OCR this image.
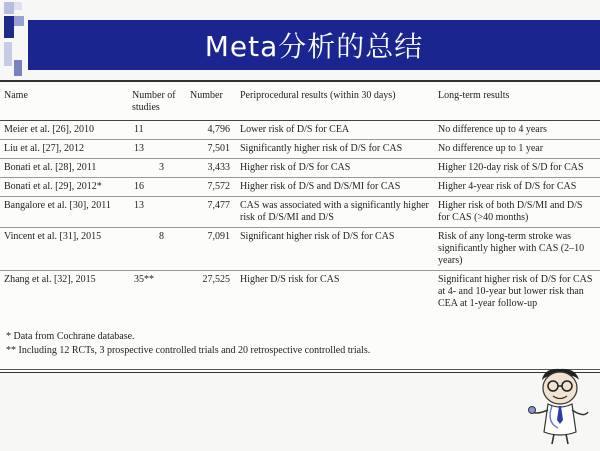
Meta分析的总结
Name	Number of studies	Number	Periprocedural results (within 30 days)	Long-term results
Meier et al. [26], 2010	11	4,796	Lower risk of D/S for CEA	No difference up to 4 years
Liu et al. [27], 2012	13	7,501	Significantly higher risk of D/S for CAS	No difference up to 1 year
Bonati et al. [28], 2011	3	3,433	Higher risk of D/S for CAS	Higher 120-day risk of S/D for CAS
Bonati et al. [29], 2012*	16	7,572	Higher risk of D/S and D/S/MI for CAS	Higher 4-year risk of D/S for CAS
Bangalore et al. [30], 2011	13	7,477	CAS was associated with a significantly higher risk of D/S/MI and D/S	Higher risk of both D/S/MI and D/S for CAS (>40 months)
Vincent et al. [31], 2015	8	7,091	Significant higher risk of D/S for CAS	Risk of any long-term stroke was significantly higher with CAS (2–10 years)
Zhang et al. [32], 2015	35**	27,525	Higher D/S risk for CAS	Significant higher risk of D/S for CAS at 4- and 10-year but lower risk than CEA at 1-year follow-up

* Data from Cochrane database.

** Including 12 RCTs, 3 prospective controlled trials and 20 retrospective controlled trials.
